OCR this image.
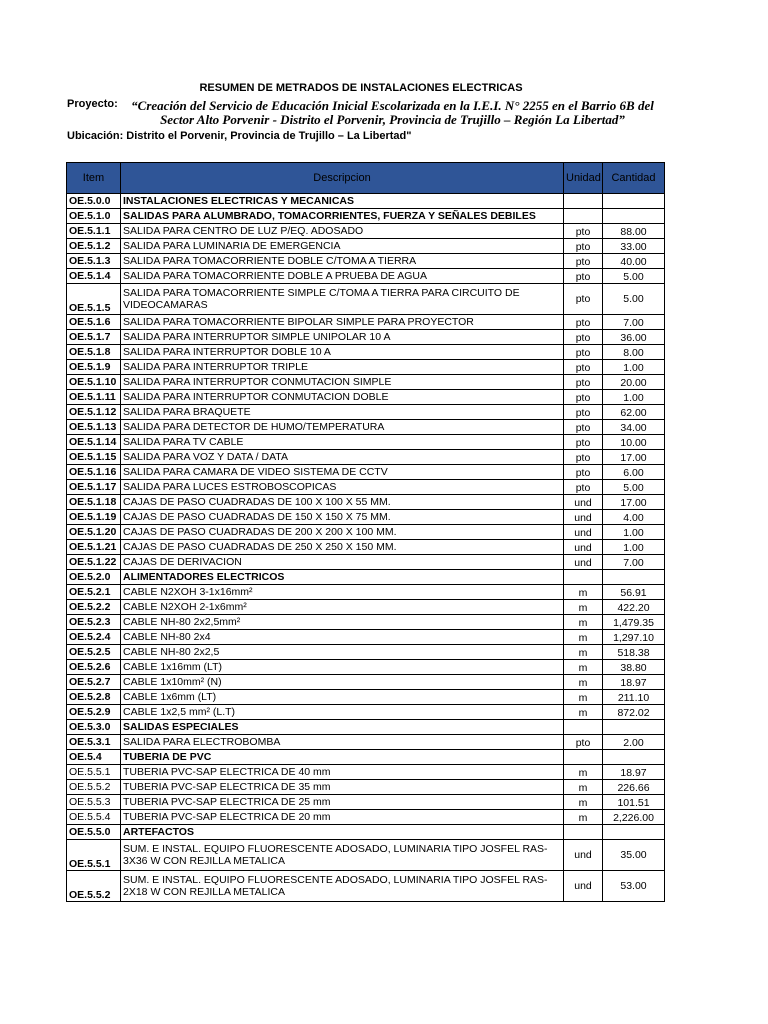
RESUMEN DE METRADOS DE INSTALACIONES ELECTRICAS
Proyecto:	“Creación del Servicio de Educación Inicial Escolarizada en la I.E.I. N° 2255 en el Barrio 6B del
Sector Alto Porvenir - Distrito el Porvenir, Provincia de Trujillo – Región La Libertad”
Ubicación: Distrito el Porvenir, Provincia de Trujillo – La Libertad"
Item	Descripcion	Unidad	Cantidad
OE.5.0.0	INSTALACIONES ELECTRICAS Y MECANICAS		
OE.5.1.0	SALIDAS PARA ALUMBRADO, TOMACORRIENTES, FUERZA Y SEÑALES DEBILES		
OE.5.1.1	SALIDA PARA CENTRO DE LUZ P/EQ. ADOSADO	pto	88.00
OE.5.1.2	SALIDA PARA LUMINARIA DE EMERGENCIA	pto	33.00
OE.5.1.3	SALIDA PARA TOMACORRIENTE DOBLE C/TOMA A TIERRA	pto	40.00
OE.5.1.4	SALIDA PARA TOMACORRIENTE DOBLE A PRUEBA DE AGUA	pto	5.00
OE.5.1.5	SALIDA PARA TOMACORRIENTE SIMPLE C/TOMA A TIERRA PARA CIRCUITO DE VIDEOCAMARAS	pto	5.00
OE.5.1.6	SALIDA PARA TOMACORRIENTE BIPOLAR SIMPLE PARA PROYECTOR	pto	7.00
OE.5.1.7	SALIDA PARA INTERRUPTOR SIMPLE UNIPOLAR 10 A	pto	36.00
OE.5.1.8	SALIDA PARA INTERRUPTOR DOBLE 10 A	pto	8.00
OE.5.1.9	SALIDA PARA INTERRUPTOR TRIPLE	pto	1.00
OE.5.1.10	SALIDA PARA INTERRUPTOR CONMUTACION SIMPLE	pto	20.00
OE.5.1.11	SALIDA PARA INTERRUPTOR CONMUTACION DOBLE	pto	1.00
OE.5.1.12	SALIDA PARA BRAQUETE	pto	62.00
OE.5.1.13	SALIDA PARA DETECTOR DE HUMO/TEMPERATURA	pto	34.00
OE.5.1.14	SALIDA PARA TV CABLE	pto	10.00
OE.5.1.15	SALIDA PARA VOZ Y DATA / DATA	pto	17.00
OE.5.1.16	SALIDA PARA CAMARA DE VIDEO SISTEMA DE CCTV	pto	6.00
OE.5.1.17	SALIDA PARA LUCES ESTROBOSCOPICAS	pto	5.00
OE.5.1.18	CAJAS DE PASO CUADRADAS DE 100 X 100 X 55 MM.	und	17.00
OE.5.1.19	CAJAS DE PASO CUADRADAS DE 150 X 150 X 75 MM.	und	4.00
OE.5.1.20	CAJAS DE PASO CUADRADAS DE 200 X 200 X 100 MM.	und	1.00
OE.5.1.21	CAJAS DE PASO CUADRADAS DE 250 X 250 X 150 MM.	und	1.00
OE.5.1.22	CAJAS DE DERIVACION	und	7.00
OE.5.2.0	ALIMENTADORES ELECTRICOS		
OE.5.2.1	CABLE N2XOH 3-1x16mm²	m	56.91
OE.5.2.2	CABLE N2XOH 2-1x6mm²	m	422.20
OE.5.2.3	CABLE NH-80 2x2,5mm²	m	1,479.35
OE.5.2.4	CABLE NH-80 2x4	m	1,297.10
OE.5.2.5	CABLE NH-80 2x2,5	m	518.38
OE.5.2.6	CABLE 1x16mm (LT)	m	38.80
OE.5.2.7	CABLE 1x10mm² (N)	m	18.97
OE.5.2.8	CABLE 1x6mm (LT)	m	211.10
OE.5.2.9	CABLE 1x2,5 mm² (L.T)	m	872.02
OE.5.3.0	SALIDAS ESPECIALES		
OE.5.3.1	SALIDA PARA ELECTROBOMBA	pto	2.00
OE.5.4	TUBERIA DE PVC		
OE.5.5.1	TUBERIA PVC-SAP ELECTRICA DE 40 mm	m	18.97
OE.5.5.2	TUBERIA PVC-SAP ELECTRICA DE 35 mm	m	226.66
OE.5.5.3	TUBERIA PVC-SAP ELECTRICA DE 25 mm	m	101.51
OE.5.5.4	TUBERIA PVC-SAP ELECTRICA DE 20 mm	m	2,226.00
OE.5.5.0	ARTEFACTOS		
OE.5.5.1	SUM. E INSTAL. EQUIPO FLUORESCENTE ADOSADO, LUMINARIA TIPO JOSFEL RAS-3X36 W CON REJILLA METALICA	und	35.00
OE.5.5.2	SUM. E INSTAL. EQUIPO FLUORESCENTE ADOSADO, LUMINARIA TIPO JOSFEL RAS-2X18 W CON REJILLA METALICA	und	53.00
